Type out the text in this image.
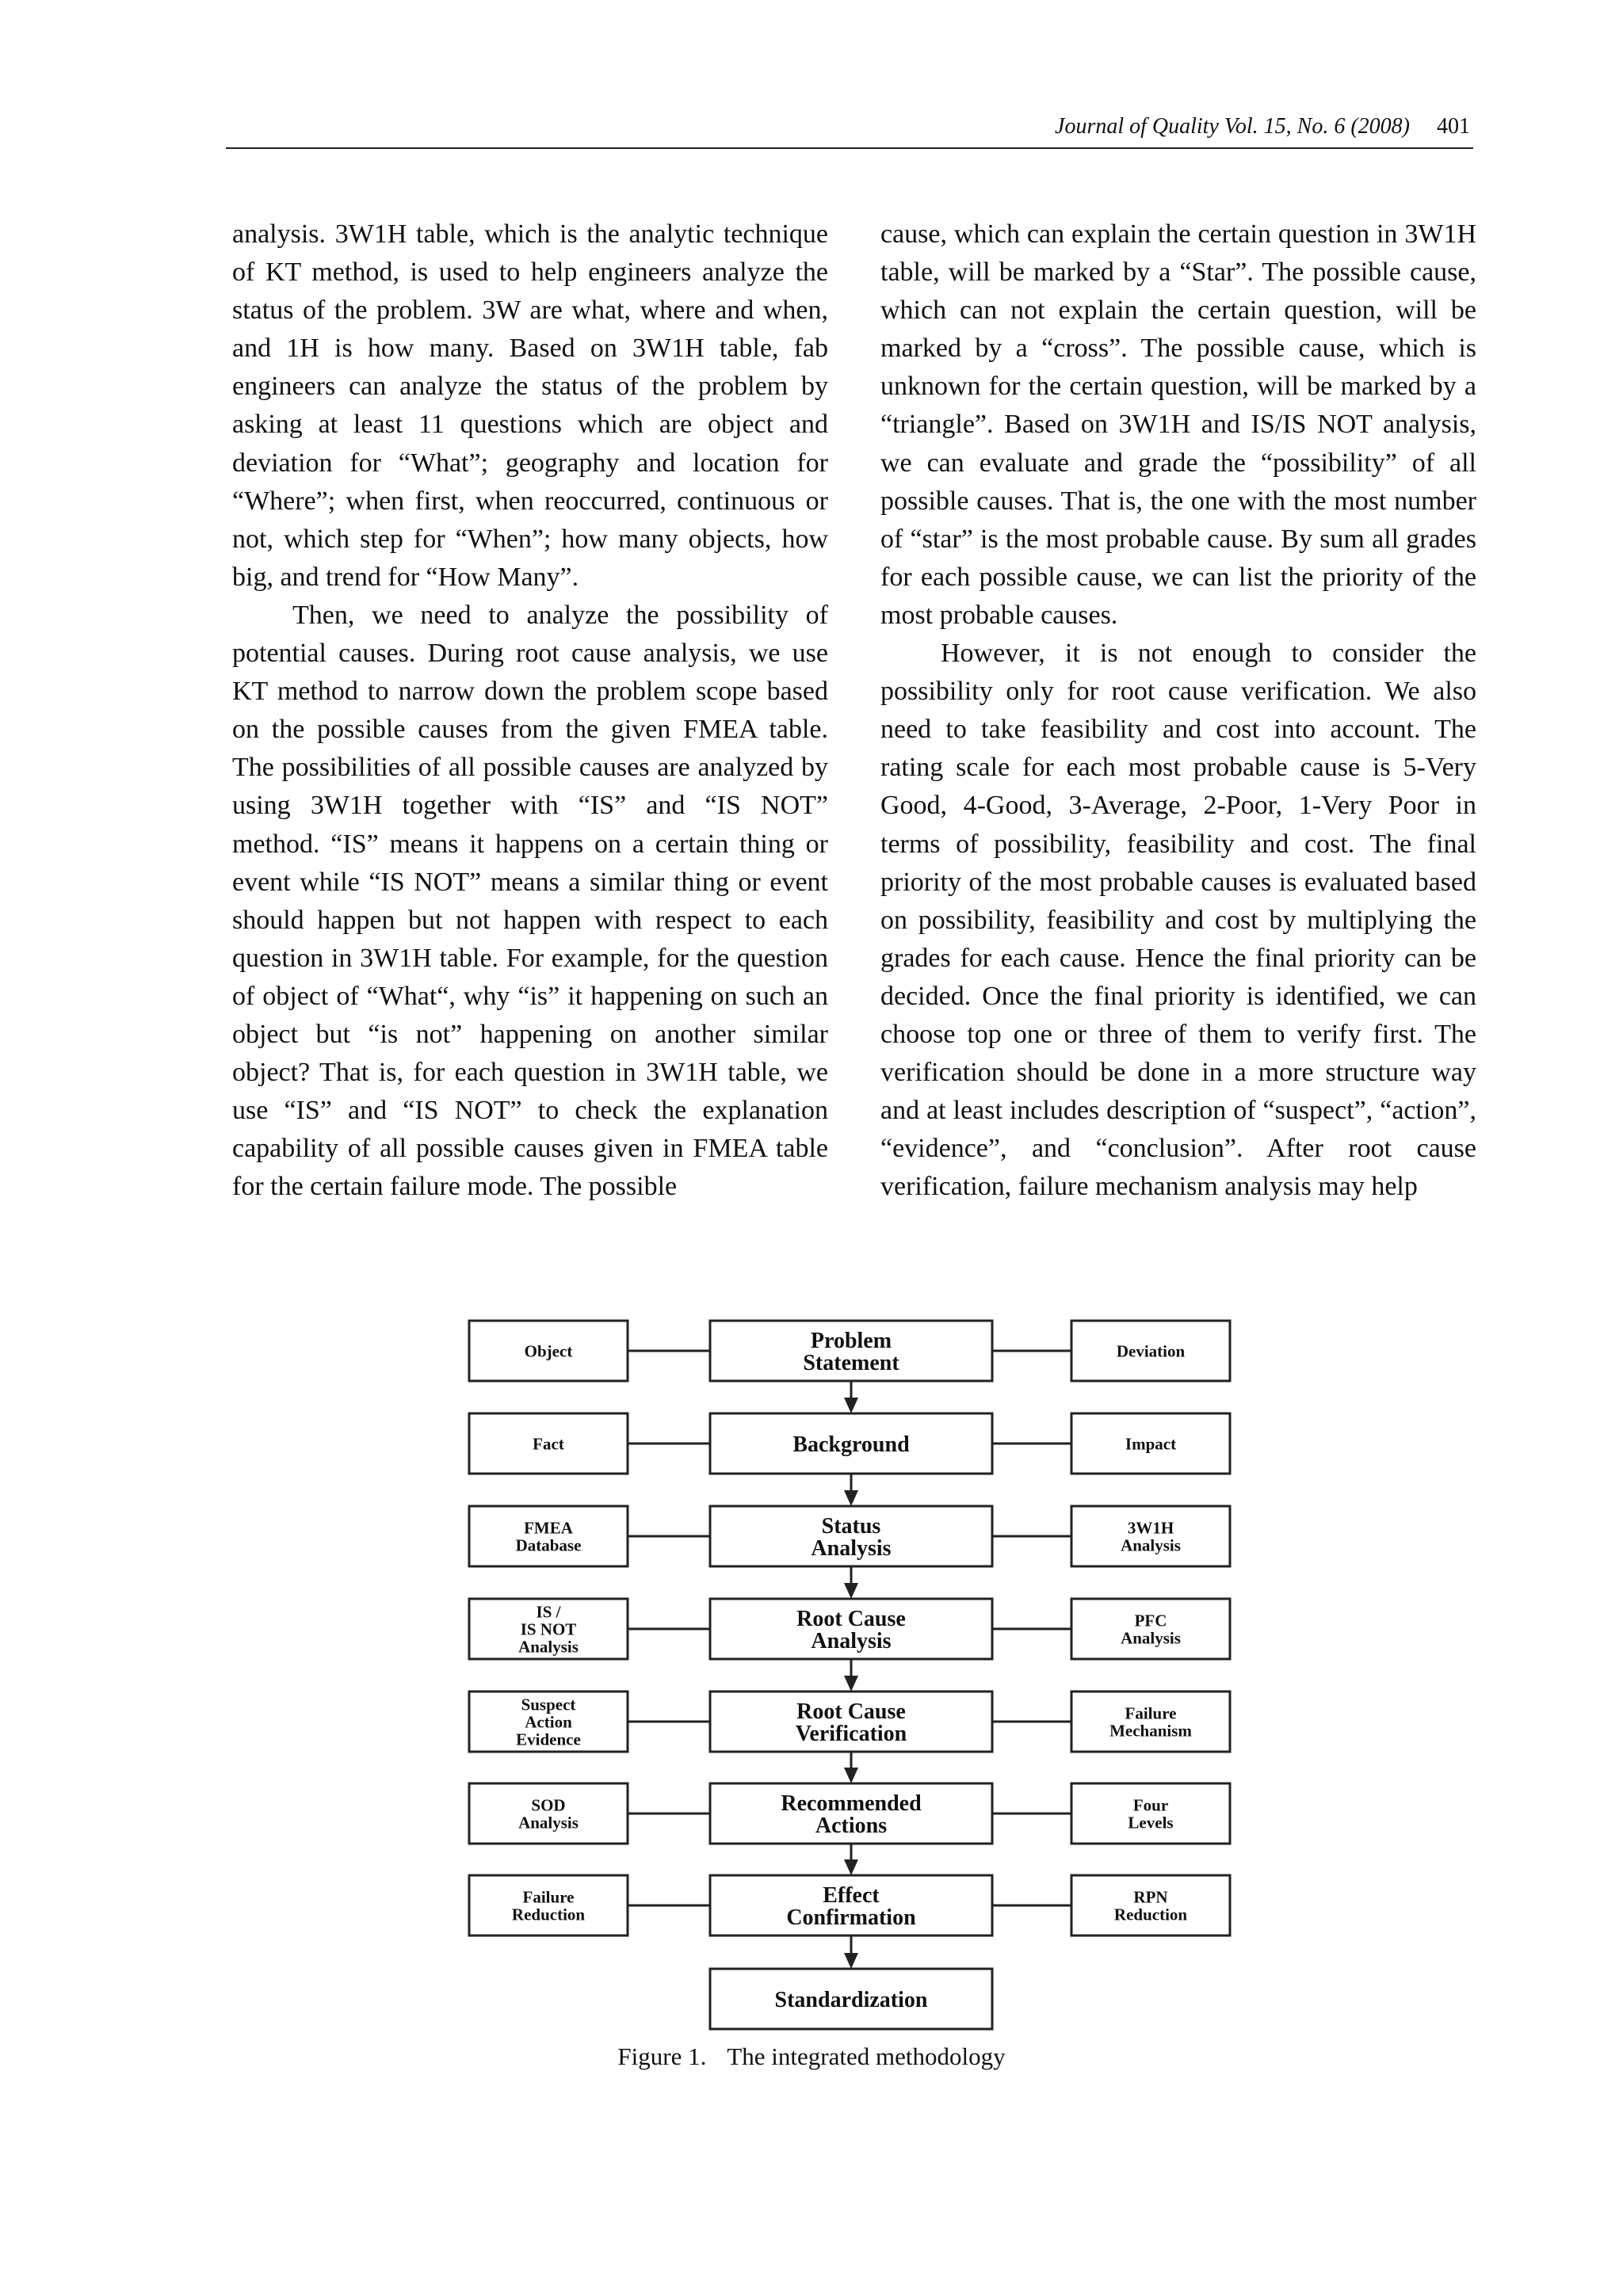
Journal of Quality Vol. 15, No. 6 (2008) 401

analysis. 3W1H table, which is the analytic technique of KT method, is used to help engineers analyze the status of the problem. 3W are what, where and when, and 1H is how many. Based on 3W1H table, fab engineers can analyze the status of the problem by asking at least 11 questions which are object and deviation for “What”; geography and location for “Where”; when first, when reoccurred, continuous or not, which step for “When”; how many objects, how big, and trend for “How Many”.

Then, we need to analyze the possibility of potential causes. During root cause analysis, we use KT method to narrow down the problem scope based on the possible causes from the given FMEA table. The possibilities of all possible causes are analyzed by using 3W1H together with “IS” and “IS NOT” method. “IS” means it happens on a certain thing or event while “IS NOT” means a similar thing or event should happen but not happen with respect to each question in 3W1H table. For example, for the question of object of “What“, why “is” it happening on such an object but “is not” happening on another similar object? That is, for each question in 3W1H table, we use “IS” and “IS NOT” to check the explanation capability of all possible causes given in FMEA table for the certain failure mode. The possible

cause, which can explain the certain question in 3W1H table, will be marked by a “Star”. The possible cause, which can not explain the certain question, will be marked by a “cross”. The possible cause, which is unknown for the certain question, will be marked by a “triangle”. Based on 3W1H and IS/IS NOT analysis, we can evaluate and grade the “possibility” of all possible causes. That is, the one with the most number of “star” is the most probable cause. By sum all grades for each possible cause, we can list the priority of the most probable causes.

However, it is not enough to consider the possibility only for root cause verification. We also need to take feasibility and cost into account. The rating scale for each most probable cause is 5-Very Good, 4-Good, 3-Average, 2-Poor, 1-Very Poor in terms of possibility, feasibility and cost. The final priority of the most probable causes is evaluated based on possibility, feasibility and cost by multiplying the grades for each cause. Hence the final priority can be decided. Once the final priority is identified, we can choose top one or three of them to verify first. The verification should be done in a more structure way and at least includes description of “suspect”, “action”, “evidence”, and “conclusion”. After root cause verification, failure mechanism analysis may help

Problem
Statement
Object	Deviation
Background
Fact	Impact
Status
Analysis
FMEA
Database
3W1H
Analysis
Root Cause
Analysis
IS /
IS NOT
Analysis
PFC
Analysis
Root Cause
Verification
Suspect
Action
Evidence
Failure
Mechanism
Recommended
Actions
SOD
Analysis
Four
Levels
Effect
Confirmation
Failure
Reduction
RPN
Reduction
Standardization
Figure 1. The integrated methodology
